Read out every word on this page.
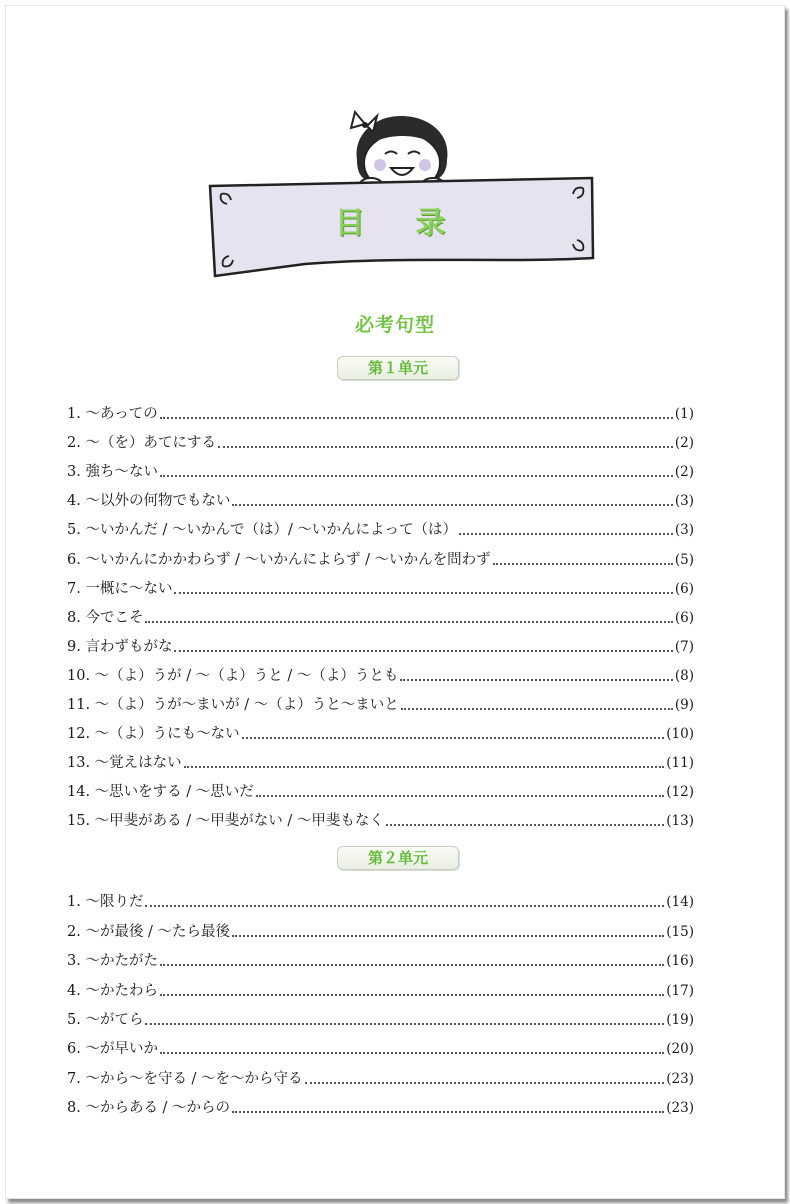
目 录
必考句型
第１单元
1. ～あっての	(1)
2. ～（を）あてにする	(2)
3. 強ち～ない	(2)
4. ～以外の何物でもない	(3)
5. ～いかんだ / ～いかんで（は）/ ～いかんによって（は）	(3)
6. ～いかんにかかわらず / ～いかんによらず / ～いかんを問わず	(5)
7. 一概に～ない	(6)
8. 今でこそ	(6)
9. 言わずもがな	(7)
10. ～（よ）うが / ～（よ）うと / ～（よ）うとも	(8)
11. ～（よ）うが～まいが / ～（よ）うと～まいと	(9)
12. ～（よ）うにも～ない	(10)
13. ～覚えはない	(11)
14. ～思いをする / ～思いだ	(12)
15. ～甲斐がある / ～甲斐がない / ～甲斐もなく	(13)
第２单元
1. ～限りだ	(14)
2. ～が最後 / ～たら最後	(15)
3. ～かたがた	(16)
4. ～かたわら	(17)
5. ～がてら	(19)
6. ～が早いか	(20)
7. ～から～を守る / ～を～から守る	(23)
8. ～からある / ～からの	(23)
